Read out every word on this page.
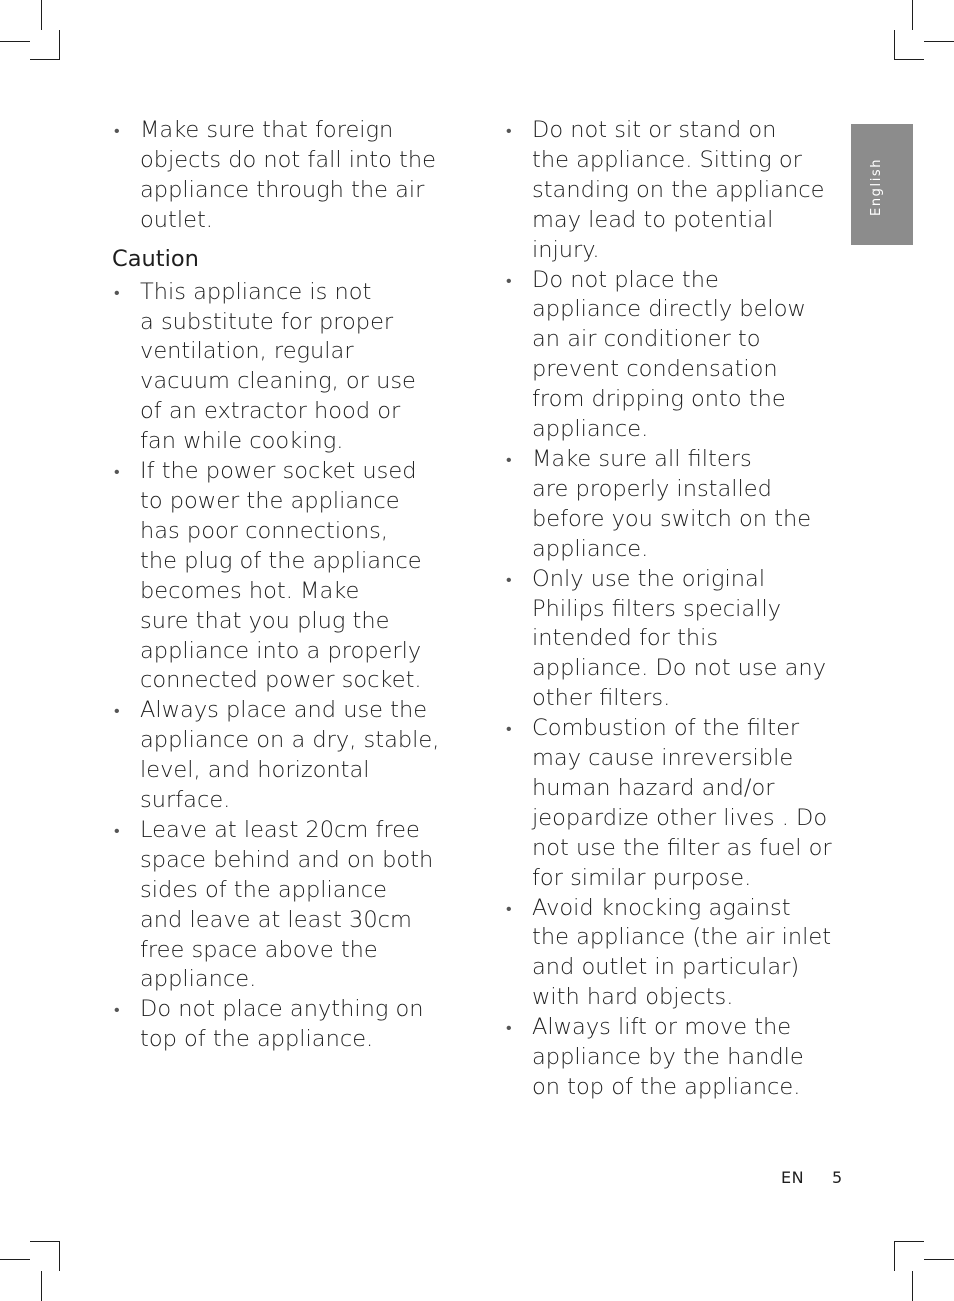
English
• Make sure that foreign
objects do not fall into the
appliance through the air
outlet.
Caution
• This appliance is not
a substitute for proper
ventilation, regular
vacuum cleaning, or use
of an extractor hood or
fan while cooking.
• If the power socket used
to power the appliance
has poor connections,
the plug of the appliance
becomes hot. Make
sure that you plug the
appliance into a properly
connected power socket.
• Always place and use the
appliance on a dry, stable,
level, and horizontal
surface.
• Leave at least 20cm free
space behind and on both
sides of the appliance
and leave at least 30cm
free space above the
appliance.
• Do not place anything on
top of the appliance.
• Do not sit or stand on
the appliance. Sitting or
standing on the appliance
may lead to potential
injury.
• Do not place the
appliance directly below
an air conditioner to
prevent condensation
from dripping onto the
appliance.
• Make sure all filters
are properly installed
before you switch on the
appliance.
• Only use the original
Philips filters specially
intended for this
appliance. Do not use any
other filters.
• Combustion of the filter
may cause inreversible
human hazard and/or
jeopardize other lives . Do
not use the filter as fuel or
for similar purpose.
• Avoid knocking against
the appliance (the air inlet
and outlet in particular)
with hard objects.
• Always lift or move the
appliance by the handle
on top of the appliance.
EN 5
